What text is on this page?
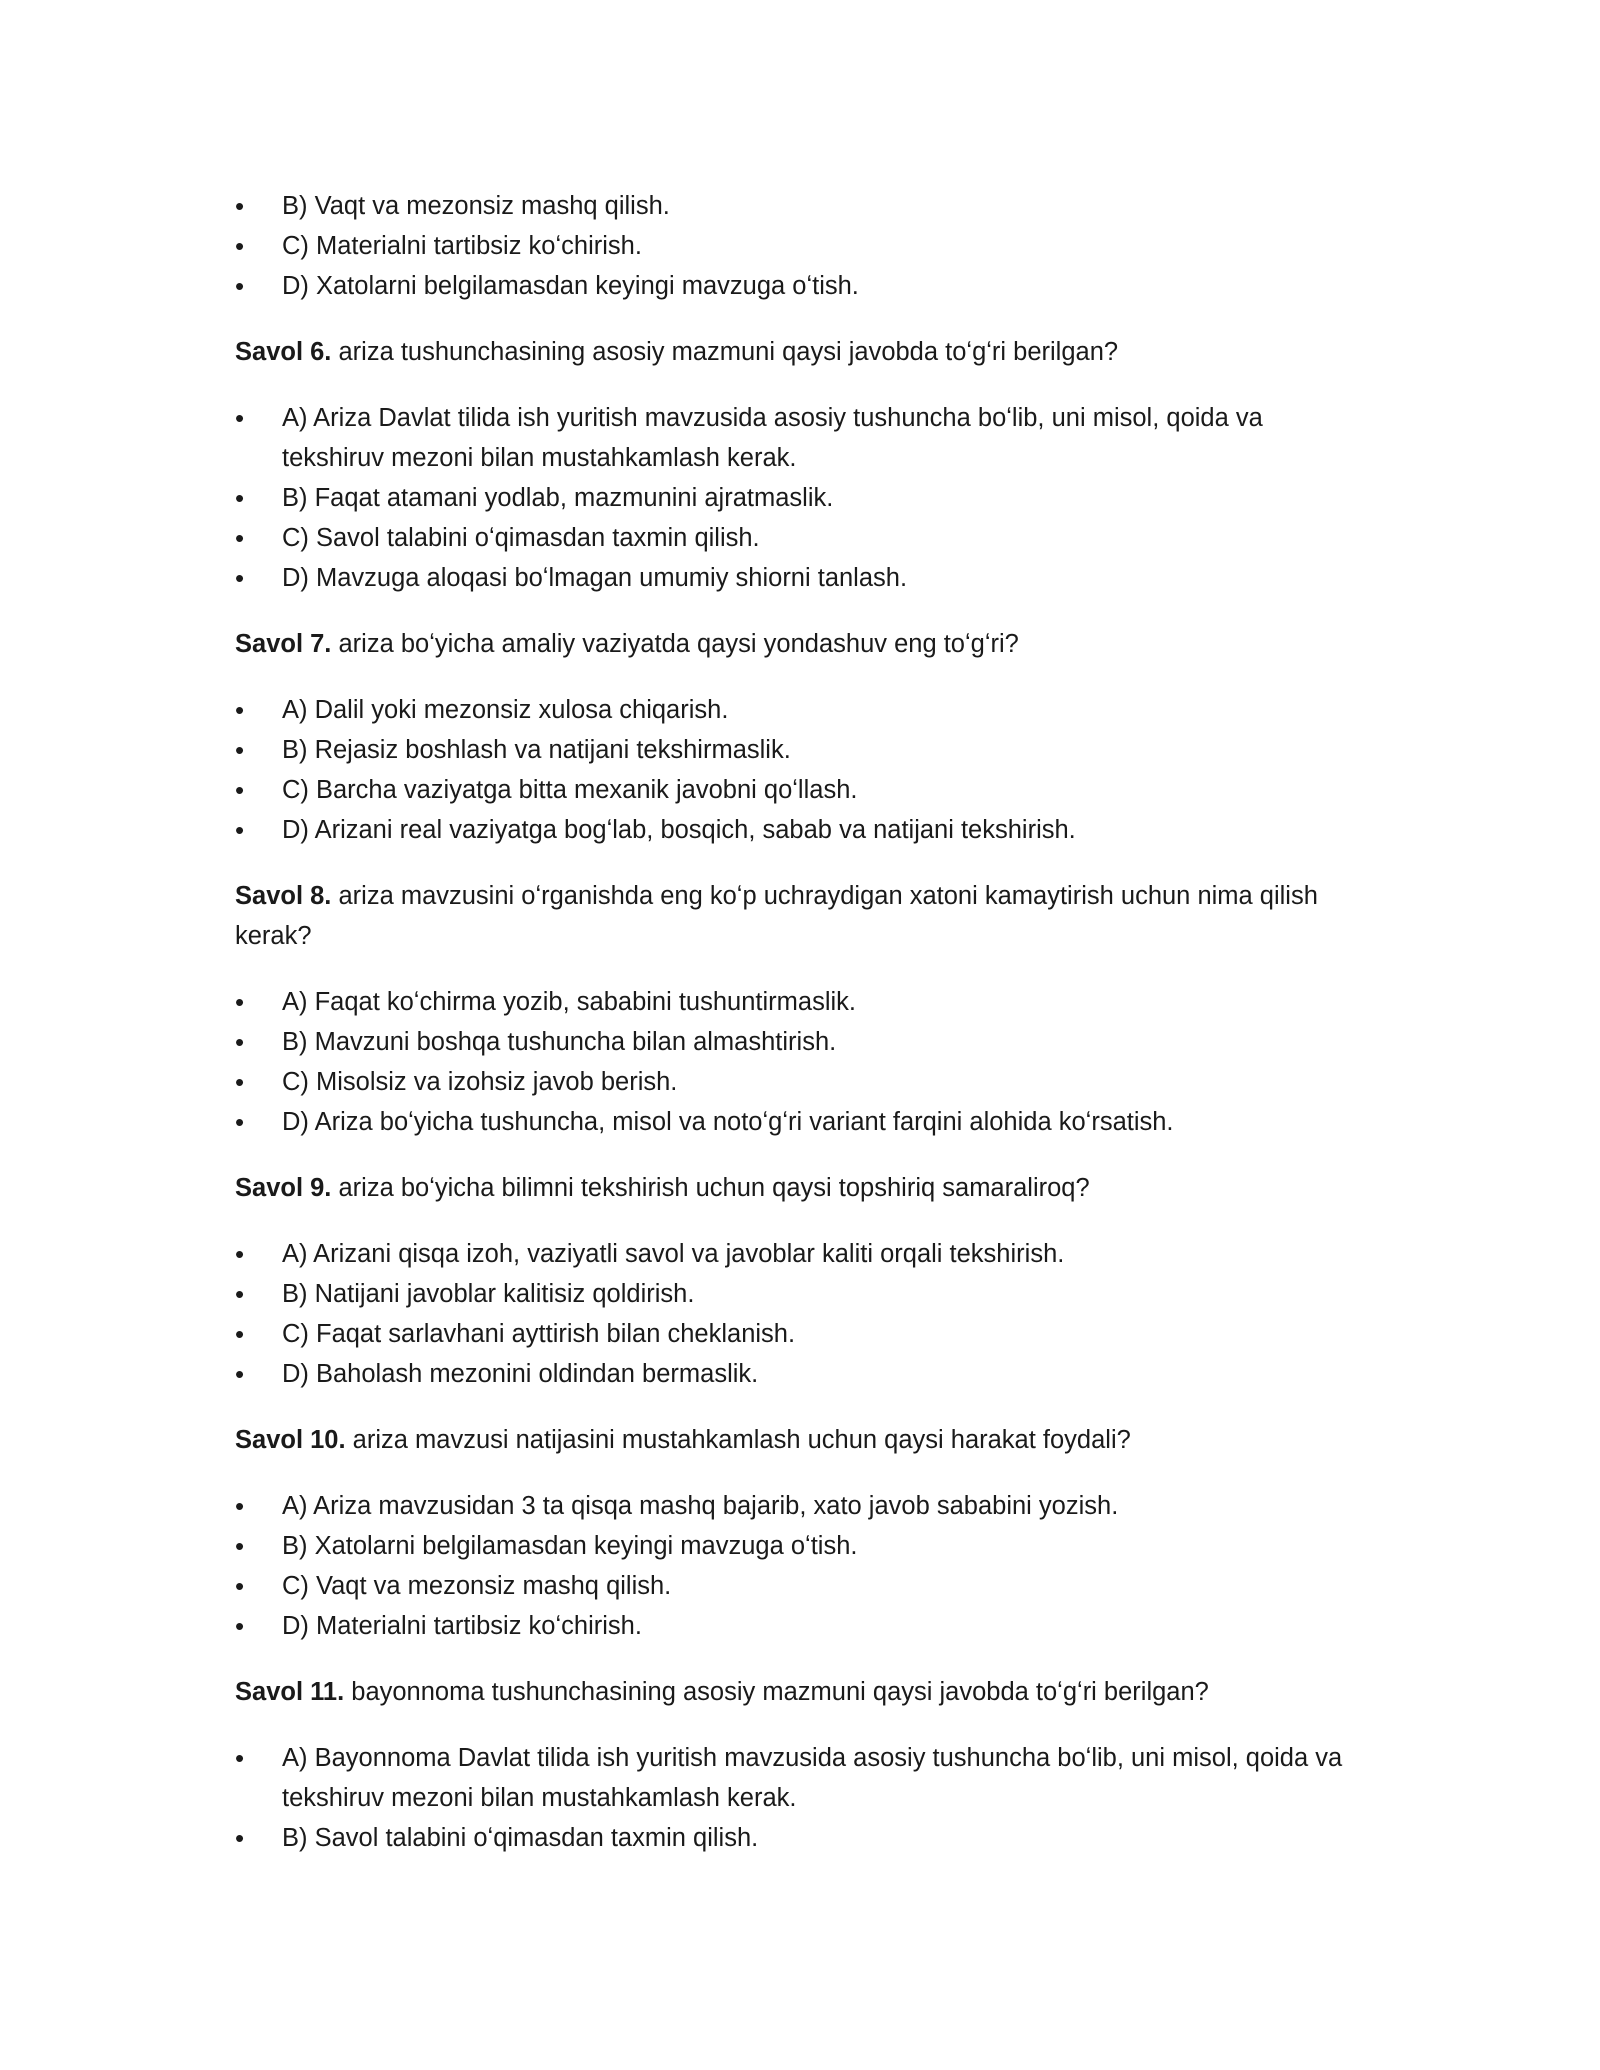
•	B) Vaqt va mezonsiz mashq qilish.
•	C) Materialni tartibsiz koʻchirish.
•	D) Xatolarni belgilamasdan keyingi mavzuga oʻtish.

Savol 6. ariza tushunchasining asosiy mazmuni qaysi javobda toʻgʻri berilgan?

•	A) Ariza Davlat tilida ish yuritish mavzusida asosiy tushuncha boʻlib, uni misol, qoida va tekshiruv mezoni bilan mustahkamlash kerak.
•	B) Faqat atamani yodlab, mazmunini ajratmaslik.
•	C) Savol talabini oʻqimasdan taxmin qilish.
•	D) Mavzuga aloqasi boʻlmagan umumiy shiorni tanlash.

Savol 7. ariza boʻyicha amaliy vaziyatda qaysi yondashuv eng toʻgʻri?

•	A) Dalil yoki mezonsiz xulosa chiqarish.
•	B) Rejasiz boshlash va natijani tekshirmaslik.
•	C) Barcha vaziyatga bitta mexanik javobni qoʻllash.
•	D) Arizani real vaziyatga bogʻlab, bosqich, sabab va natijani tekshirish.

Savol 8. ariza mavzusini oʻrganishda eng koʻp uchraydigan xatoni kamaytirish uchun nima qilish kerak?

•	A) Faqat koʻchirma yozib, sababini tushuntirmaslik.
•	B) Mavzuni boshqa tushuncha bilan almashtirish.
•	C) Misolsiz va izohsiz javob berish.
•	D) Ariza boʻyicha tushuncha, misol va notoʻgʻri variant farqini alohida koʻrsatish.

Savol 9. ariza boʻyicha bilimni tekshirish uchun qaysi topshiriq samaraliroq?

•	A) Arizani qisqa izoh, vaziyatli savol va javoblar kaliti orqali tekshirish.
•	B) Natijani javoblar kalitisiz qoldirish.
•	C) Faqat sarlavhani ayttirish bilan cheklanish.
•	D) Baholash mezonini oldindan bermaslik.

Savol 10. ariza mavzusi natijasini mustahkamlash uchun qaysi harakat foydali?

•	A) Ariza mavzusidan 3 ta qisqa mashq bajarib, xato javob sababini yozish.
•	B) Xatolarni belgilamasdan keyingi mavzuga oʻtish.
•	C) Vaqt va mezonsiz mashq qilish.
•	D) Materialni tartibsiz koʻchirish.

Savol 11. bayonnoma tushunchasining asosiy mazmuni qaysi javobda toʻgʻri berilgan?

•	A) Bayonnoma Davlat tilida ish yuritish mavzusida asosiy tushuncha boʻlib, uni misol, qoida va tekshiruv mezoni bilan mustahkamlash kerak.
•	B) Savol talabini oʻqimasdan taxmin qilish.
